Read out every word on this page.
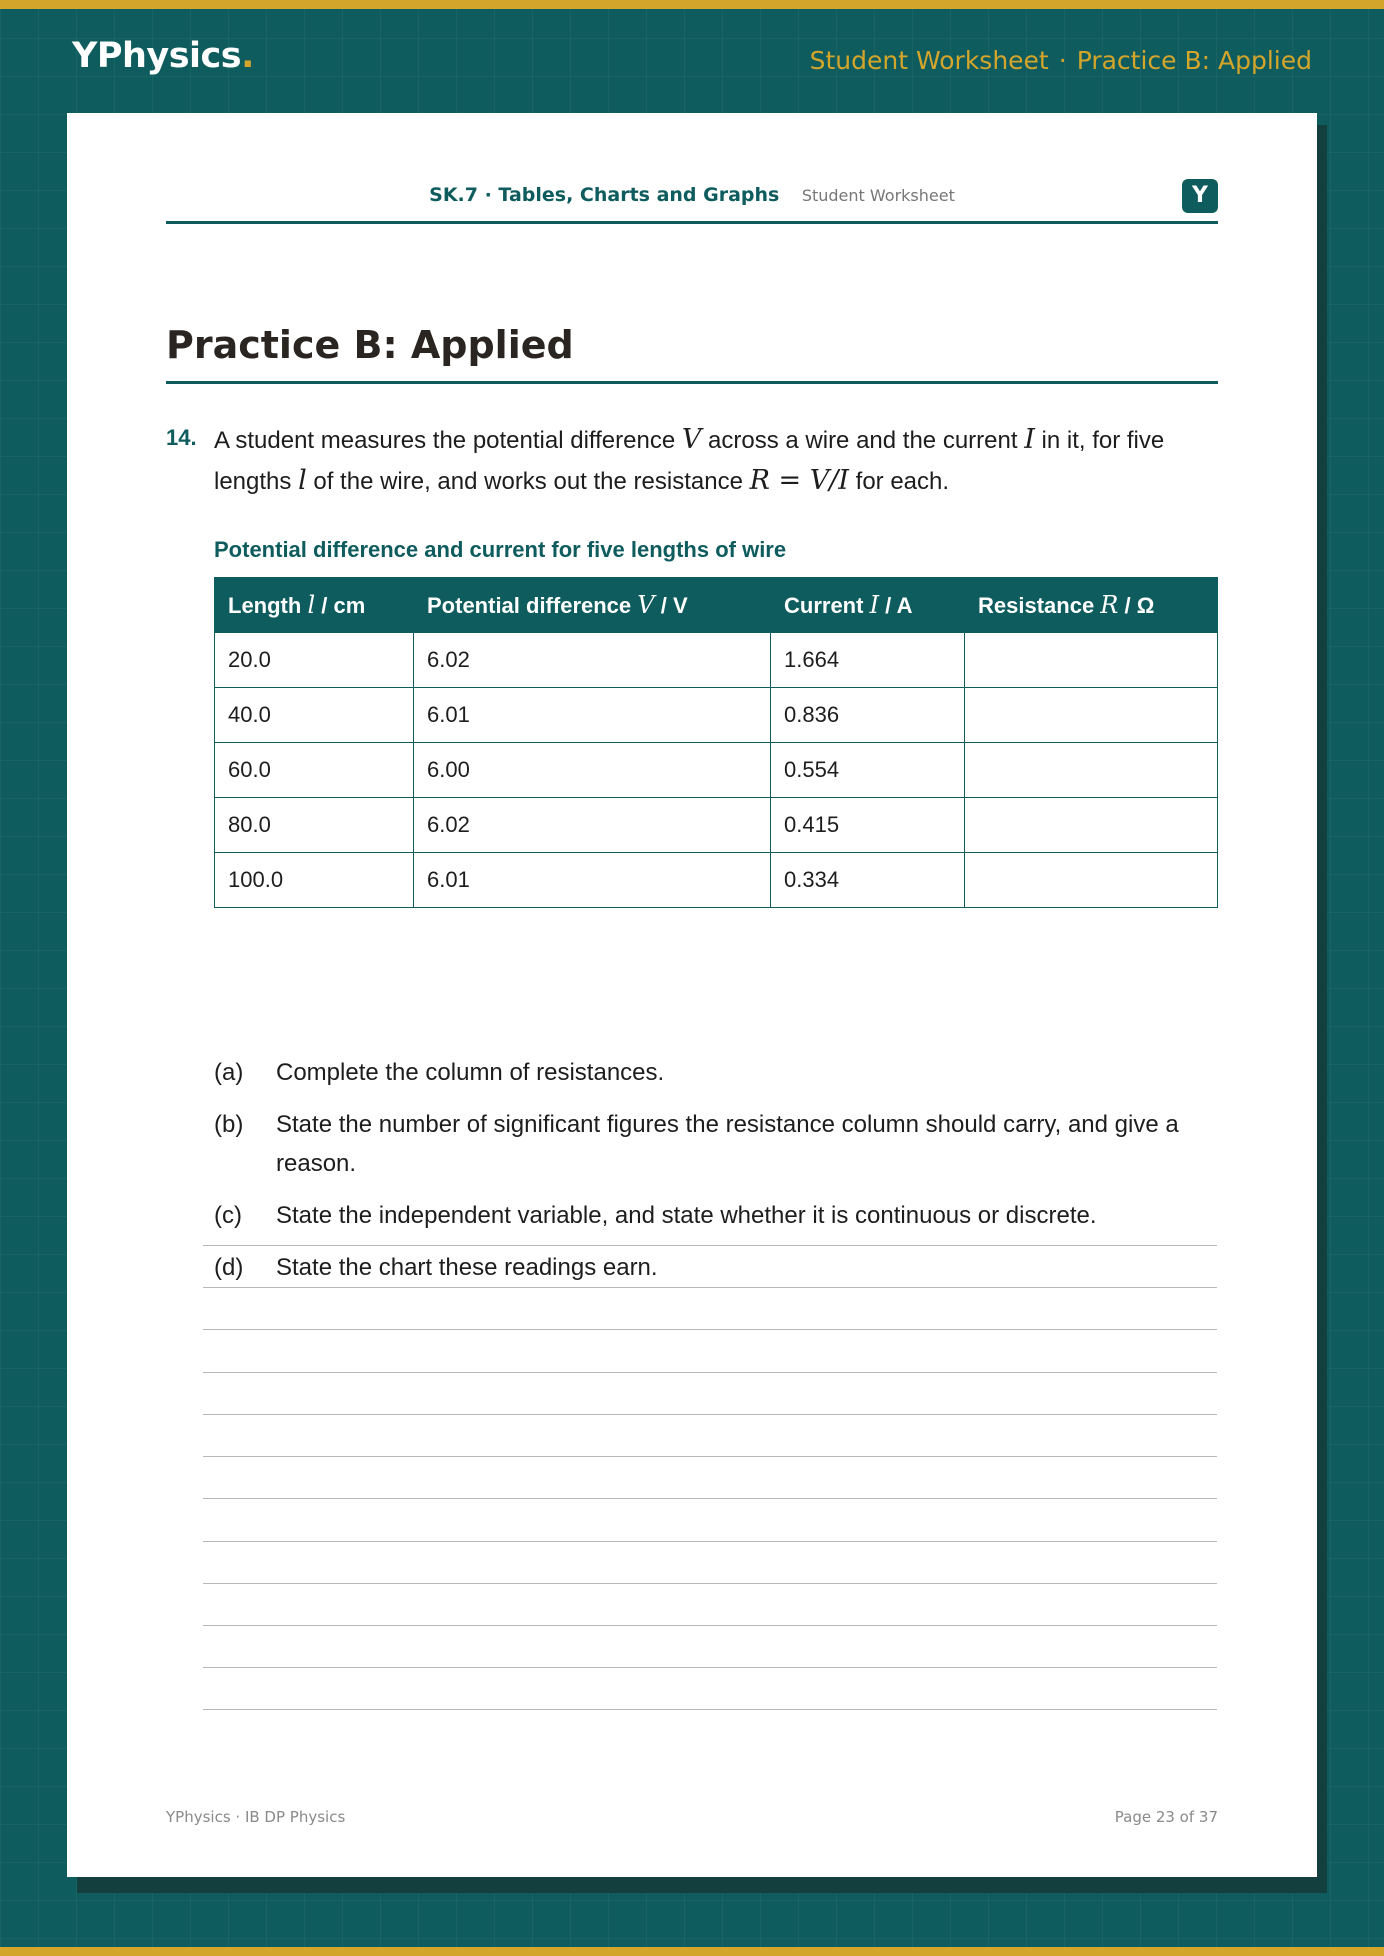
YPhysics.	Student Worksheet · Practice B: Applied
SK.7 · Tables, Charts and Graphs Student Worksheet	Y
Practice B: Applied
14. A student measures the potential difference V across a wire and the current I in it, for five lengths l of the wire, and works out the resistance R = V/I for each.
Potential difference and current for five lengths of wire
Length l / cm	Potential difference V / V	Current I / A	Resistance R / Ω
20.0	6.02	1.664	
40.0	6.01	0.836	
60.0	6.00	0.554	
80.0	6.02	0.415	
100.0	6.01	0.334	
(a) Complete the column of resistances.
(b) State the number of significant figures the resistance column should carry, and give a reason.
(c) State the independent variable, and state whether it is continuous or discrete.
(d) State the chart these readings earn.
YPhysics · IB DP Physics	Page 23 of 37
